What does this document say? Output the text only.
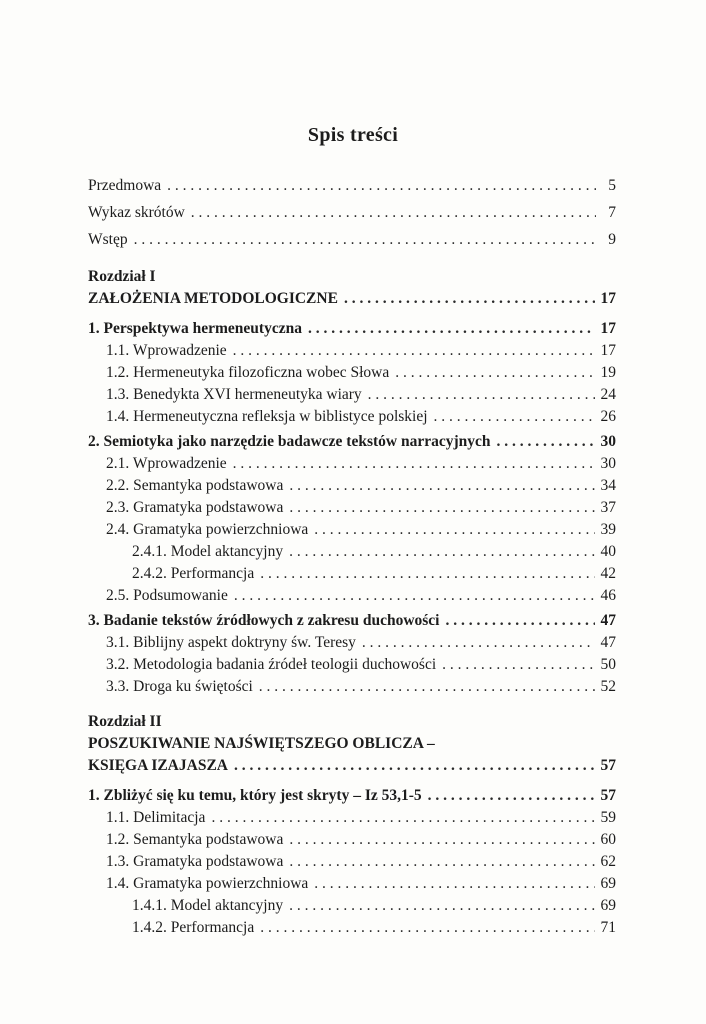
Spis treści
Przedmowa . . .	5
Wykaz skrótów . . .	7
Wstęp . . .	9
Rozdział I
ZAŁOŻENIA METODOLOGICZNE . . .	17
1. Perspektywa hermeneutyczna . . .	17
1.1. Wprowadzenie . . .	17
1.2. Hermeneutyka filozoficzna wobec Słowa . . .	19
1.3. Benedykta XVI hermeneutyka wiary . . .	24
1.4. Hermeneutyczna refleksja w biblistyce polskiej . . .	26
2. Semiotyka jako narzędzie badawcze tekstów narracyjnych . . .	30
2.1. Wprowadzenie . . .	30
2.2. Semantyka podstawowa . . .	34
2.3. Gramatyka podstawowa . . .	37
2.4. Gramatyka powierzchniowa . . .	39
2.4.1. Model aktancyjny . . .	40
2.4.2. Performancja . . .	42
2.5. Podsumowanie . . .	46
3. Badanie tekstów źródłowych z zakresu duchowości . . .	47
3.1. Biblijny aspekt doktryny św. Teresy . . .	47
3.2. Metodologia badania źródeł teologii duchowości . . .	50
3.3. Droga ku świętości . . .	52
Rozdział II
POSZUKIWANIE NAJŚWIĘTSZEGO OBLICZA –
KSIĘGA IZAJASZA . . .	57
1. Zbliżyć się ku temu, który jest skryty – Iz 53,1-5 . . .	57
1.1. Delimitacja . . .	59
1.2. Semantyka podstawowa . . .	60
1.3. Gramatyka podstawowa . . .	62
1.4. Gramatyka powierzchniowa . . .	69
1.4.1. Model aktancyjny . . .	69
1.4.2. Performancja . . .	71
